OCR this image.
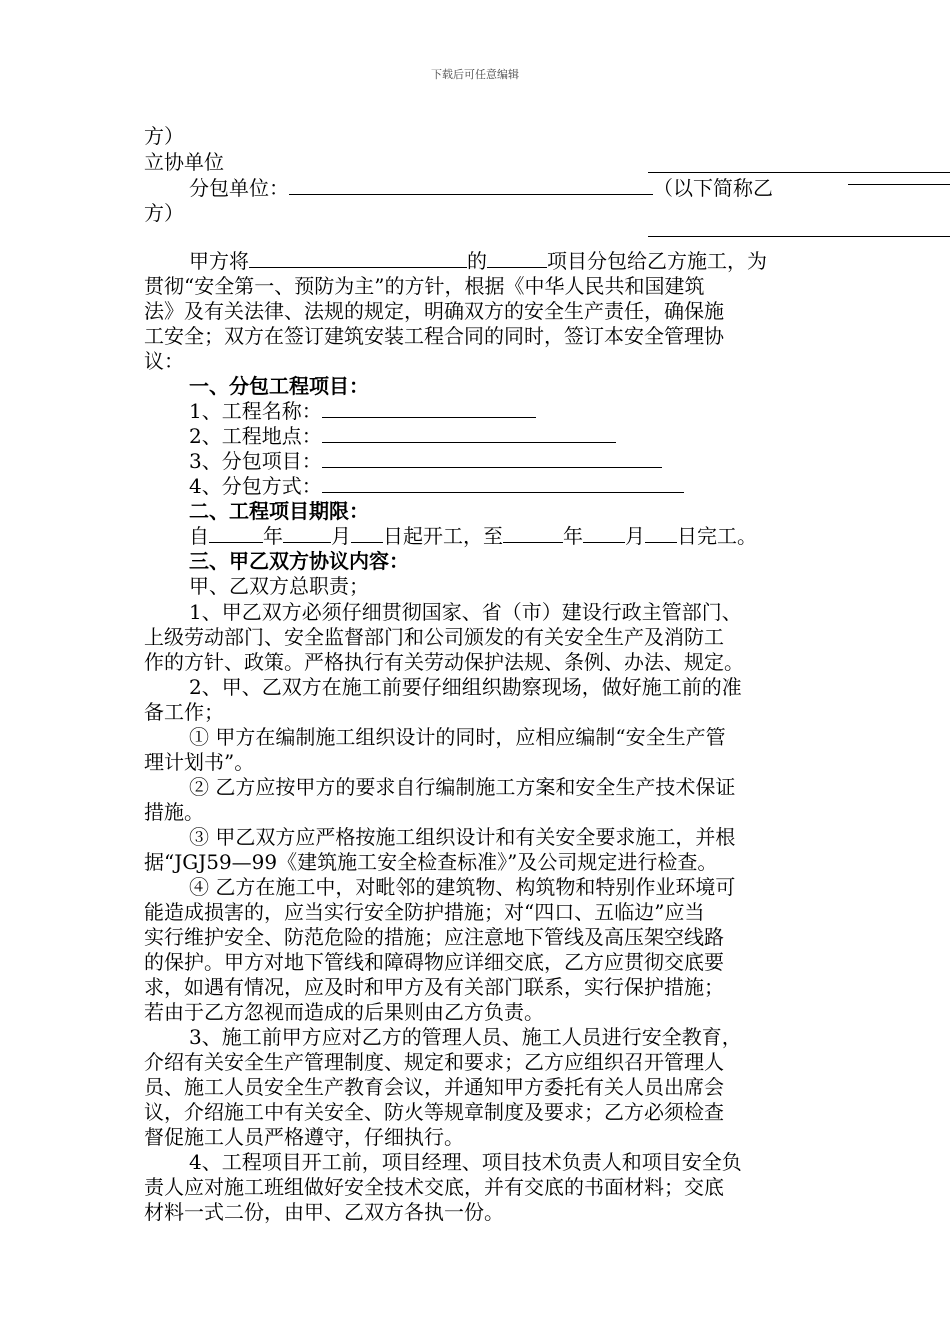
下载后可任意编辑
方）
立协单位
分包单位：	（以下简称乙
方）
甲方将	的	项目分包给乙方施工，为
贯彻“安全第一、预防为主”的方针，根据《中华人民共和国建筑
法》及有关法律、法规的规定，明确双方的安全生产责任，确保施
工安全；双方在签订建筑安装工程合同的同时，签订本安全管理协
议：
一、分包工程项目：
1、工程名称：
2、工程地点：
3、分包项目：
4、分包方式：
二、工程项目期限：
自	年 月 日起开工，至	年 月 日完工。
三、甲乙双方协议内容：
甲、乙双方总职责；
1、甲乙双方必须仔细贯彻国家、省（市）建设行政主管部门、
上级劳动部门、安全监督部门和公司颁发的有关安全生产及消防工
作的方针、政策。严格执行有关劳动保护法规、条例、办法、规定。
2、甲、乙双方在施工前要仔细组织勘察现场，做好施工前的准
备工作；
① 甲方在编制施工组织设计的同时，应相应编制“安全生产管
理计划书”。
② 乙方应按甲方的要求自行编制施工方案和安全生产技术保证
措施。
③ 甲乙双方应严格按施工组织设计和有关安全要求施工，并根
据“JGJ59—99《建筑施工安全检查标准》”及公司规定进行检查。
④ 乙方在施工中，对毗邻的建筑物、构筑物和特别作业环境可
能造成损害的，应当实行安全防护措施；对“四口、五临边”应当
实行维护安全、防范危险的措施；应注意地下管线及高压架空线路
的保护。甲方对地下管线和障碍物应详细交底，乙方应贯彻交底要
求，如遇有情况，应及时和甲方及有关部门联系，实行保护措施；
若由于乙方忽视而造成的后果则由乙方负责。
3、施工前甲方应对乙方的管理人员、施工人员进行安全教育，
介绍有关安全生产管理制度、规定和要求；乙方应组织召开管理人
员、施工人员安全生产教育会议，并通知甲方委托有关人员出席会
议，介绍施工中有关安全、防火等规章制度及要求；乙方必须检查
督促施工人员严格遵守，仔细执行。
4、工程项目开工前，项目经理、项目技术负责人和项目安全负
责人应对施工班组做好安全技术交底，并有交底的书面材料；交底
材料一式二份，由甲、乙双方各执一份。
